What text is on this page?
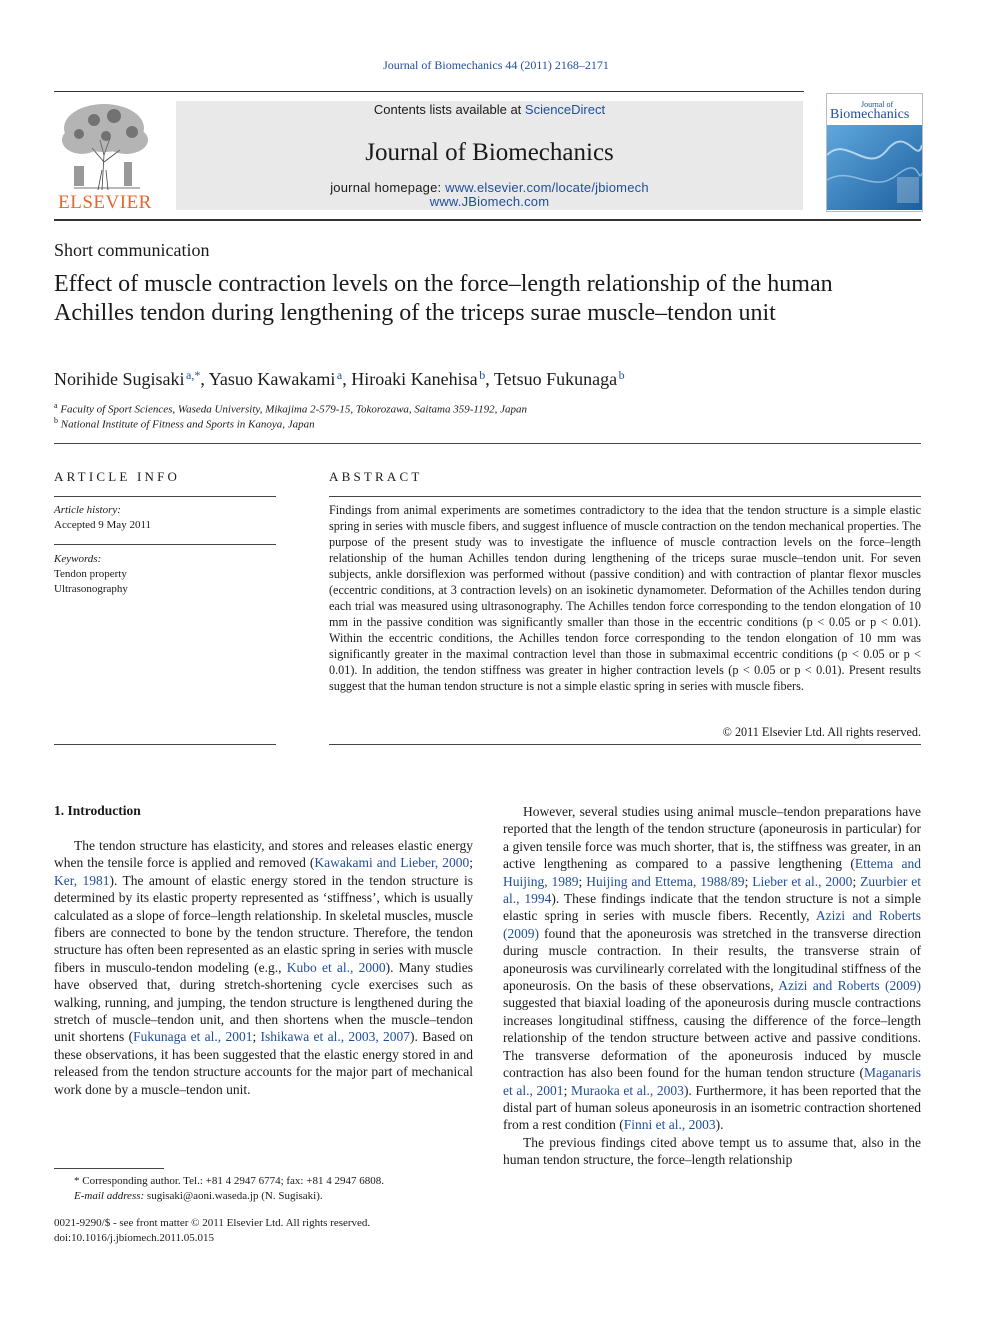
Journal of Biomechanics 44 (2011) 2168–2171
ELSEVIER
Contents lists available at ScienceDirect
Journal of Biomechanics
journal homepage: www.elsevier.com/locate/jbiomech
www.JBiomech.com
Journal of
Biomechanics
Short communication
Effect of muscle contraction levels on the force–length relationship of the human Achilles tendon during lengthening of the triceps surae muscle–tendon unit
Norihide Sugisaki  $^{a,*}$, Yasuo Kawakami  $^a$, Hiroaki Kanehisa  $^b$, Tetsuo Fukunaga  $^b$
$^a$ Faculty of Sport Sciences, Waseda University, Mikajima 2-579-15, Tokorozawa, Saitama 359-1192, Japan
$^b$ National Institute of Fitness and Sports in Kanoya, Japan
ARTICLE INFO
Article history:
Accepted 9 May 2011
Keywords:
Tendon property
Ultrasonography
ABSTRACT
Findings from animal experiments are sometimes contradictory to the idea that the tendon structure is a simple elastic spring in series with muscle fibers, and suggest influence of muscle contraction on the tendon mechanical properties. The purpose of the present study was to investigate the influence of muscle contraction levels on the force–length relationship of the human Achilles tendon during lengthening of the triceps surae muscle–tendon unit. For seven subjects, ankle dorsiflexion was performed without (passive condition) and with contraction of plantar flexor muscles (eccentric conditions, at 3 contraction levels) on an isokinetic dynamometer. Deformation of the Achilles tendon during each trial was measured using ultrasonography. The Achilles tendon force corresponding to the tendon elongation of 10 mm in the passive condition was significantly smaller than those in the eccentric conditions (p < 0.05 or p < 0.01). Within the eccentric conditions, the Achilles tendon force corresponding to the tendon elongation of 10 mm was significantly greater in the maximal contraction level than those in submaximal eccentric conditions (p < 0.05 or p < 0.01). In addition, the tendon stiffness was greater in higher contraction levels (p < 0.05 or p < 0.01). Present results suggest that the human tendon structure is not a simple elastic spring in series with muscle fibers.
© 2011 Elsevier Ltd. All rights reserved.
1. Introduction

The tendon structure has elasticity, and stores and releases elastic energy when the tensile force is applied and removed (Kawakami and Lieber, 2000; Ker, 1981). The amount of elastic energy stored in the tendon structure is determined by its elastic property represented as ‘stiffness’, which is usually calculated as a slope of force–length relationship. In skeletal muscles, muscle fibers are connected to bone by the tendon structure. Therefore, the tendon structure has often been represented as an elastic spring in series with muscle fibers in musculo-tendon modeling (e.g., Kubo et al., 2000). Many studies have observed that, during stretch-shortening cycle exercises such as walking, running, and jumping, the tendon structure is lengthened during the stretch of muscle–tendon unit, and then shortens when the muscle–tendon unit shortens (Fukunaga et al., 2001; Ishikawa et al., 2003, 2007). Based on these observations, it has been suggested that the elastic energy stored in and released from the tendon structure accounts for the major part of mechanical work done by a muscle–tendon unit.

However, several studies using animal muscle–tendon preparations have reported that the length of the tendon structure (aponeurosis in particular) for a given tensile force was much shorter, that is, the stiffness was greater, in an active lengthening as compared to a passive lengthening (Ettema and Huijing, 1989; Huijing and Ettema, 1988/89; Lieber et al., 2000; Zuurbier et al., 1994). These findings indicate that the tendon structure is not a simple elastic spring in series with muscle fibers. Recently, Azizi and Roberts (2009) found that the aponeurosis was stretched in the transverse direction during muscle contraction. In their results, the transverse strain of aponeurosis was curvilinearly correlated with the longitudinal stiffness of the aponeurosis. On the basis of these observations, Azizi and Roberts (2009) suggested that biaxial loading of the aponeurosis during muscle contractions increases longitudinal stiffness, causing the difference of the force–length relationship of the tendon structure between active and passive conditions. The transverse deformation of the aponeurosis induced by muscle contraction has also been found for the human tendon structure (Maganaris et al., 2001; Muraoka et al., 2003). Furthermore, it has been reported that the distal part of human soleus aponeurosis in an isometric contraction shortened from a rest condition (Finni et al., 2003).

The previous findings cited above tempt us to assume that, also in the human tendon structure, the force–length relationship

* Corresponding author. Tel.: +81 4 2947 6774; fax: +81 4 2947 6808.
E-mail address: sugisaki@aoni.waseda.jp (N. Sugisaki).
0021-9290/$ - see front matter © 2011 Elsevier Ltd. All rights reserved.
doi:10.1016/j.jbiomech.2011.05.015
